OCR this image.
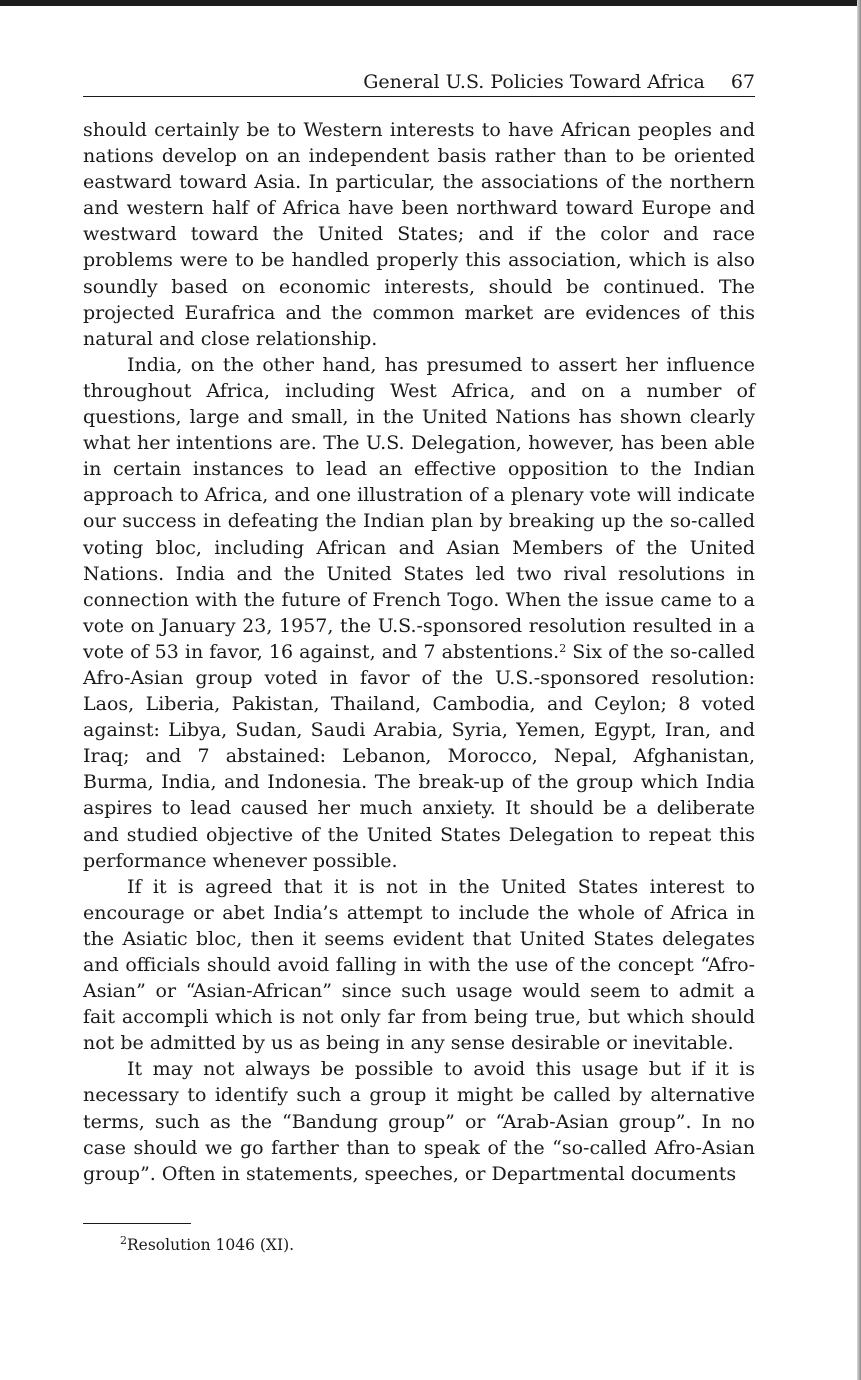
General U.S. Policies Toward Africa 67

should certainly be to Western interests to have African peoples and nations develop on an independent basis rather than to be oriented eastward toward Asia. In particular, the associations of the northern and western half of Africa have been northward toward Europe and westward toward the United States; and if the color and race problems were to be handled properly this association, which is also soundly based on economic interests, should be continued. The projected Eurafrica and the common market are evidences of this natural and close relationship.

India, on the other hand, has presumed to assert her influence throughout Africa, including West Africa, and on a number of questions, large and small, in the United Nations has shown clearly what her intentions are. The U.S. Delegation, however, has been able in certain instances to lead an effective opposition to the Indian approach to Africa, and one illustration of a plenary vote will indicate our success in defeating the Indian plan by breaking up the so-called voting bloc, including African and Asian Members of the United Nations. India and the United States led two rival resolutions in connection with the future of French Togo. When the issue came to a vote on January 23, 1957, the U.S.-sponsored resolution resulted in a vote of 53 in favor, 16 against, and 7 abstentions.$^2$ Six of the so-called Afro-Asian group voted in favor of the U.S.-sponsored resolution: Laos, Liberia, Pakistan, Thailand, Cambodia, and Ceylon; 8 voted against: Libya, Sudan, Saudi Arabia, Syria, Yemen, Egypt, Iran, and Iraq; and 7 abstained: Lebanon, Morocco, Nepal, Afghanistan, Burma, India, and Indonesia. The break-up of the group which India aspires to lead caused her much anxiety. It should be a deliberate and studied objective of the United States Delegation to repeat this performance whenever possible.

If it is agreed that it is not in the United States interest to encourage or abet India’s attempt to include the whole of Africa in the Asiatic bloc, then it seems evident that United States delegates and officials should avoid falling in with the use of the concept “Afro-Asian” or “Asian-African” since such usage would seem to admit a fait accompli which is not only far from being true, but which should not be admitted by us as being in any sense desirable or inevitable.

It may not always be possible to avoid this usage but if it is necessary to identify such a group it might be called by alternative terms, such as the “Bandung group” or “Arab-Asian group”. In no case should we go farther than to speak of the “so-called Afro-Asian group”. Often in statements, speeches, or Departmental documents

$^2$Resolution 1046 (XI).
